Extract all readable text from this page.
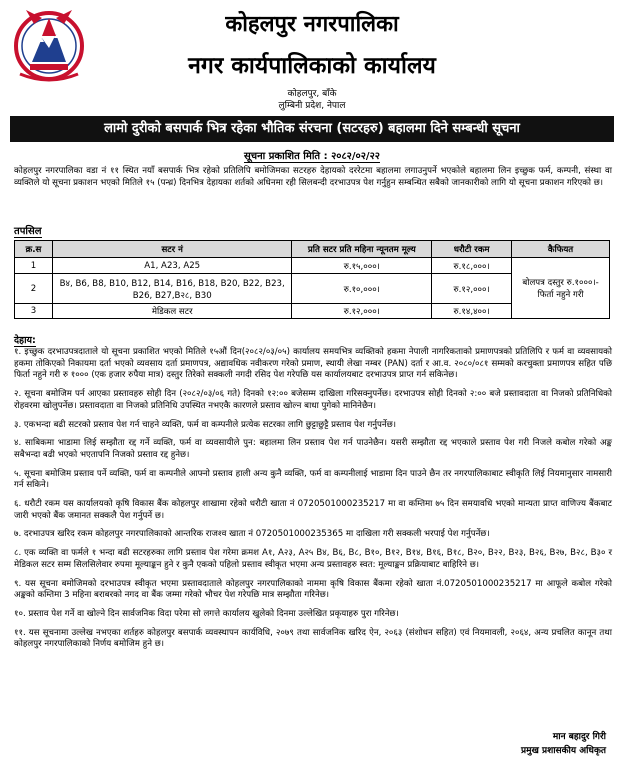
कोहलपुर नगरपालिका
नगर कार्यपालिकाको कार्यालय
कोहलपुर, बाँके
लुम्बिनी प्रदेश, नेपाल
लामो दुरीको बसपार्क भित्र रहेका भौतिक संरचना (सटरहरु) बहालमा दिने सम्बन्धी सूचना
सूचना प्रकाशित मिति : २०८२/०२/२२
कोहलपुर नगरपालिका वडा नं ११ स्थित नयाँ बसपार्क भित्र रहेको प्रतिलिपि बमोजिमका सटरहरु देहायको दररेटमा बहालमा लगाउनुपर्ने भएकोले बहालमा लिन इच्छुक फर्म, कम्पनी, संस्था वा व्यक्तिले यो सूचना प्रकाशन भएको मितिले १५ (पन्ध्र) दिनभित्र देहायका शर्तको अधिनमा रही सिलबन्दी दरभाउपत्र पेश गर्नुहुन सम्बन्धित सबैको जानकारीको लागि यो सूचना प्रकाशन गरिएको छ।
तपसिल
क्र.स	सटर नं	प्रति सटर प्रति महिना न्यूनतम मूल्य	धरौटी रकम	कैफियत
1	A1, A23, A25	रु.१५,०००।	रु.१८,०००।	बोलपत्र दस्तुर रु.१०००।- फिर्ता नहुने गरी
2	B४, B6, B8, B10, B12, B14, B16, B18, B20, B22, B23, B26, B27,B२८, B30	रु.१०,०००।	रु.१२,०००।	
3	मेडिकल सटर	रु.१२,०००।	रु.१४,४००।	
देहाय:
१. इच्छुक दरभाउपत्रदाताले यो सूचना प्रकाशित भएको मितिले १५औं दिन(२०८२/०३/०५) कार्यालय समयभित्र व्यक्तिको हकमा नेपाली नागरिकताको प्रमाणपत्रको प्रतिलिपि र फर्म वा व्यवसायको हकमा तोकिएको निकायमा दर्ता भएको व्यवसाय दर्ता प्रमाणपत्र, अद्यावधिक नवीकरण गरेको प्रमाण, स्थायी लेखा नम्बर (PAN) दर्ता र आ.व. २०८०/०८१ सम्मको करचुक्ता प्रमाणपत्र सहित पछि फिर्ता नहुने गरी रु १००० (एक हजार रुपैया मात्र) दस्तुर तिरेको सक्कली नगदी रसिद पेश गरेपछि यस कार्यालयबाट दरभाउपत्र प्राप्त गर्न सकिनेछ।
२. सूचना बमोजिम पर्न आएका प्रस्तावहरु सोही दिन (२०८२/०३/०६ गते) दिनको १२:०० बजेसम्म दाखिला गरिसक्नुपर्नेछ। दरभाउपत्र सोही दिनको २:०० बजे प्रस्तावदाता वा निजको प्रतिनिधिको रोहवरमा खोलुपर्नेछ। प्रस्तावदाता वा निजको प्रतिनिधि उपस्थित नभएकै कारणले प्रस्ताव खोल्न बाधा पुगेको मानिनेछैन।
३. एकभन्दा बढी सटरको प्रस्ताव पेश गर्न चाहने व्यक्ति, फर्म वा कम्पनीले प्रत्येक सटरका लागि छुट्टाछुट्टै प्रस्ताव पेश गर्नुपर्नेछ।
४. साबिकमा भाडामा लिई सम्झौता रद्द गर्ने व्यक्ति, फर्म वा व्यवसायीले पुन: बहालमा लिन प्रस्ताव पेश गर्न पाउनेछैन। यसरी सम्झौता रद्द भएकाले प्रस्ताव पेश गरी निजले कबोल गरेको अङ्क सबैभन्दा बढी भएको भएतापनि निजको प्रस्ताव रद्द हुनेछ।
५. सूचना बमोजिम प्रस्ताव पर्ने व्यक्ति, फर्म वा कम्पनीले आफ्नो प्रस्ताव हाली अन्य कुनै व्यक्ति, फर्म वा कम्पनीलाई भाडामा दिन पाउने छैन तर नगरपालिकाबाट स्वीकृति लिई नियमानुसार नामसारी गर्न सकिने।
६. धरौटी रकम यस कार्यालयको कृषि विकास बैंक कोहलपुर शाखामा रहेको धरौटी खाता नं 0720501000235217 मा वा कम्तिमा ७५ दिन समयावधि भएको मान्यता प्राप्त वाणिज्य बैंकबाट जारी भएको बैंक जमानत सक्कलै पेश गर्नुपर्ने छ।
७. दरभाउपत्र खरिद रकम कोहलपुर नगरपालिकाको आन्तरिक राजश्व खाता नं 0720501000235365 मा दाखिला गरी सक्कली भरपाई पेश गर्नुपर्नेछ।
८. एक व्यक्ति वा फर्मले १ भन्दा बढी सटरहरुका लागि प्रस्ताव पेश गरेमा क्रमश A१, A२३, A२५ B४, B६, B८, B१०, B१२, B१४, B१६, B१८, B२०, B२२, B२३, B२६, B२७, B२८, B३० र मेडिकल सटर सम्म सिलसिलेवार रुपमा मूल्याङ्कन हुने र कुनै एकको पहिलो प्रस्ताव स्वीकृत भएमा अन्य प्रस्तावहरु स्वत: मूल्याङ्कन प्रक्रियाबाट बाहिरिने छ।
९. यस सूचना बमोजिमको दरभाउपत्र स्वीकृत भएमा प्रस्तावदाताले कोहलपुर नगरपालिकाको नाममा कृषि विकास बैंकमा रहेको खाता नं.0720501000235217 मा आफूले कबोल गरेको अङ्कको कम्तिमा 3 महिना बराबरको नगद वा बैंक जम्मा गरेको भौचर पेश गरेपछि मात्र सम्झौता गरिनेछ।
१०. प्रस्ताव पेश गर्ने वा खोल्ने दिन सार्वजनिक विदा परेमा सो लगत्ते कार्यालय खुलेको दिनमा उल्लेखित प्रकृयाहरु पुरा गरिनेछ।
११. यस सूचनामा उल्लेख नभएका शर्तहरु कोहलपुर बसपार्क व्यवस्थापन कार्यविधि, २०७९ तथा सार्वजनिक खरिद ऐन, २०६३ (संशोधन सहित) एवं नियमावली, २०६४, अन्य प्रचलित कानून तथा कोहलपुर नगरपालिकाको निर्णय बमोजिम हुने छ।
मान बहादुर गिरी
प्रमुख प्रशासकीय अधिकृत
